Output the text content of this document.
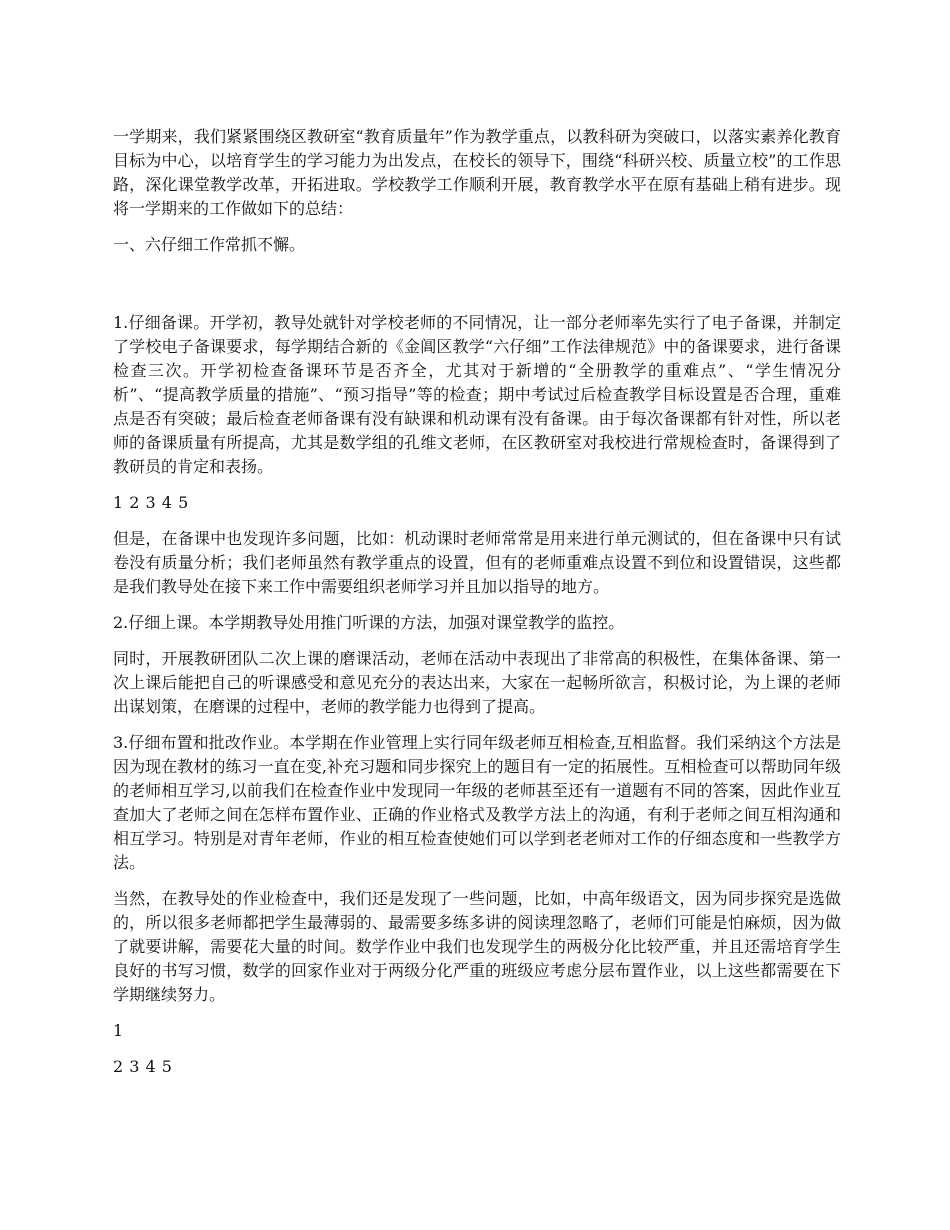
一学期来，我们紧紧围绕区教研室“教育质量年”作为教学重点，以教科研为突破口，以落实素养化教育目标为中心，以培育学生的学习能力为出发点，在校长的领导下，围绕“科研兴校、质量立校”的工作思路，深化课堂教学改革，开拓进取。学校教学工作顺利开展，教育教学水平在原有基础上稍有进步。现将一学期来的工作做如下的总结：

一、六仔细工作常抓不懈。

1.仔细备课。开学初，教导处就针对学校老师的不同情况，让一部分老师率先实行了电子备课，并制定了学校电子备课要求，每学期结合新的《金阊区教学“六仔细”工作法律规范》中的备课要求，进行备课检查三次。开学初检查备课环节是否齐全，尤其对于新增的“全册教学的重难点”、“学生情况分析”、“提高教学质量的措施”、“预习指导”等的检查；期中考试过后检查教学目标设置是否合理，重难点是否有突破；最后检查老师备课有没有缺课和机动课有没有备课。由于每次备课都有针对性，所以老师的备课质量有所提高，尤其是数学组的孔维文老师，在区教研室对我校进行常规检查时，备课得到了教研员的肯定和表扬。

1 2 3 4 5

但是，在备课中也发现许多问题，比如：机动课时老师常常是用来进行单元测试的，但在备课中只有试卷没有质量分析；我们老师虽然有教学重点的设置，但有的老师重难点设置不到位和设置错误，这些都是我们教导处在接下来工作中需要组织老师学习并且加以指导的地方。

2.仔细上课。本学期教导处用推门听课的方法，加强对课堂教学的监控。

同时，开展教研团队二次上课的磨课活动，老师在活动中表现出了非常高的积极性，在集体备课、第一次上课后能把自己的听课感受和意见充分的表达出来，大家在一起畅所欲言，积极讨论，为上课的老师出谋划策，在磨课的过程中，老师的教学能力也得到了提高。

3.仔细布置和批改作业。本学期在作业管理上实行同年级老师互相检查,互相监督。我们采纳这个方法是因为现在教材的练习一直在变,补充习题和同步探究上的题目有一定的拓展性。互相检查可以帮助同年级的老师相互学习,以前我们在检查作业中发现同一年级的老师甚至还有一道题有不同的答案，因此作业互查加大了老师之间在怎样布置作业、正确的作业格式及教学方法上的沟通，有利于老师之间互相沟通和相互学习。特别是对青年老师，作业的相互检查使她们可以学到老老师对工作的仔细态度和一些教学方法。

当然，在教导处的作业检查中，我们还是发现了一些问题，比如，中高年级语文，因为同步探究是选做的，所以很多老师都把学生最薄弱的、最需要多练多讲的阅读理忽略了，老师们可能是怕麻烦，因为做了就要讲解，需要花大量的时间。数学作业中我们也发现学生的两极分化比较严重，并且还需培育学生良好的书写习惯，数学的回家作业对于两级分化严重的班级应考虑分层布置作业，以上这些都需要在下学期继续努力。

1

2 3 4 5
